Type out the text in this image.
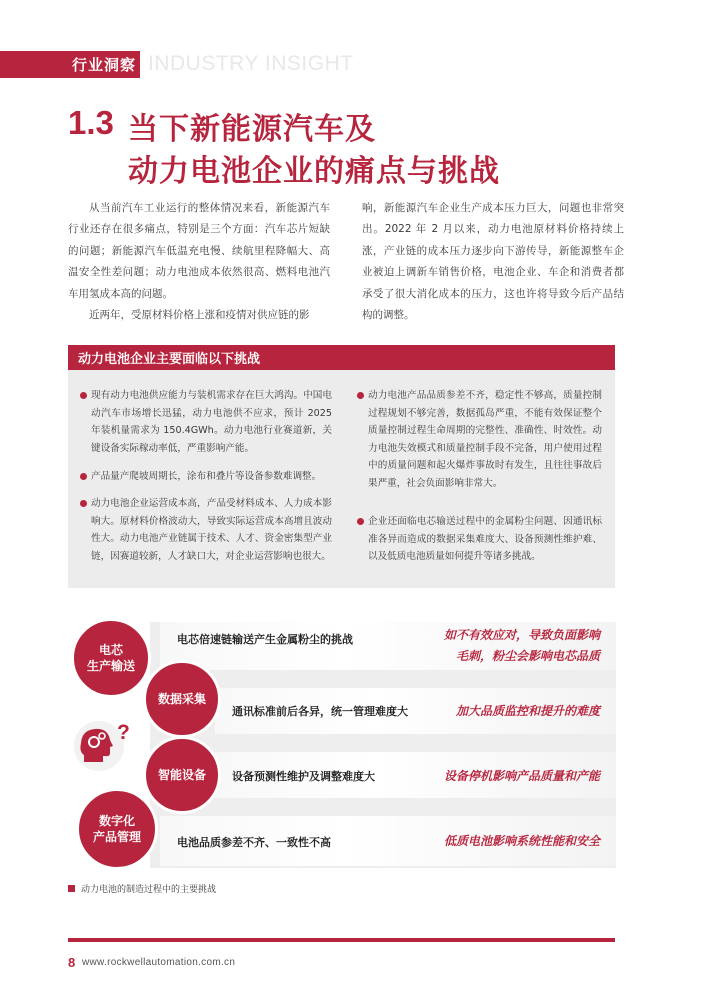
行业洞察 INDUSTRY INSIGHT
1.3 当下新能源汽车及
动力电池企业的痛点与挑战

从当前汽车工业运行的整体情况来看，新能源汽车行业还存在很多痛点，特别是三个方面：汽车芯片短缺的问题；新能源汽车低温充电慢、续航里程降幅大、高温安全性差问题；动力电池成本依然很高、燃料电池汽车用氢成本高的问题。

近两年，受原材料价格上涨和疫情对供应链的影

响，新能源汽车企业生产成本压力巨大，问题也非常突出。2022 年 2 月以来，动力电池原材料价格持续上涨，产业链的成本压力逐步向下游传导，新能源整车企业被迫上调新车销售价格，电池企业、车企和消费者都承受了很大消化成本的压力，这也许将导致今后产品结构的调整。

动力电池企业主要面临以下挑战
现有动力电池供应能力与装机需求存在巨大鸿沟。中国电动汽车市场增长迅猛，动力电池供不应求，预计 2025 年装机量需求为 150.4GWh。动力电池行业赛道新，关键设备实际稼动率低，严重影响产能。
产品量产爬坡周期长，涂布和叠片等设备参数难调整。
动力电池企业运营成本高，产品受材料成本、人力成本影响大。原材料价格波动大，导致实际运营成本高增且波动性大。动力电池产业链属于技术、人才、资金密集型产业链，因赛道较新，人才缺口大，对企业运营影响也很大。
动力电池产品品质参差不齐，稳定性不够高，质量控制过程规划不够完善，数据孤岛严重，不能有效保证整个质量控制过程生命周期的完整性、准确性、时效性。动力电池失效模式和质量控制手段不完备，用户使用过程中的质量问题和起火爆炸事故时有发生，且往往事故后果严重，社会负面影响非常大。
企业还面临电芯输送过程中的金属粉尘问题、因通讯标准各异而造成的数据采集难度大、设备预测性维护难、以及低质电池质量如何提升等诸多挑战。
电芯倍速链输送产生金属粉尘的挑战	如不有效应对，导致负面影响
毛刺，粉尘会影响电芯品质
通讯标准前后各异，统一管理难度大	加大品质监控和提升的难度
设备预测性维护及调整难度大	设备停机影响产品质量和产能
电池品质参差不齐、一致性不高	低质电池影响系统性能和安全
电芯
生产输送
数据采集
智能设备
数字化
产品管理
?
动力电池的制造过程中的主要挑战
8 www.rockwellautomation.com.cn
